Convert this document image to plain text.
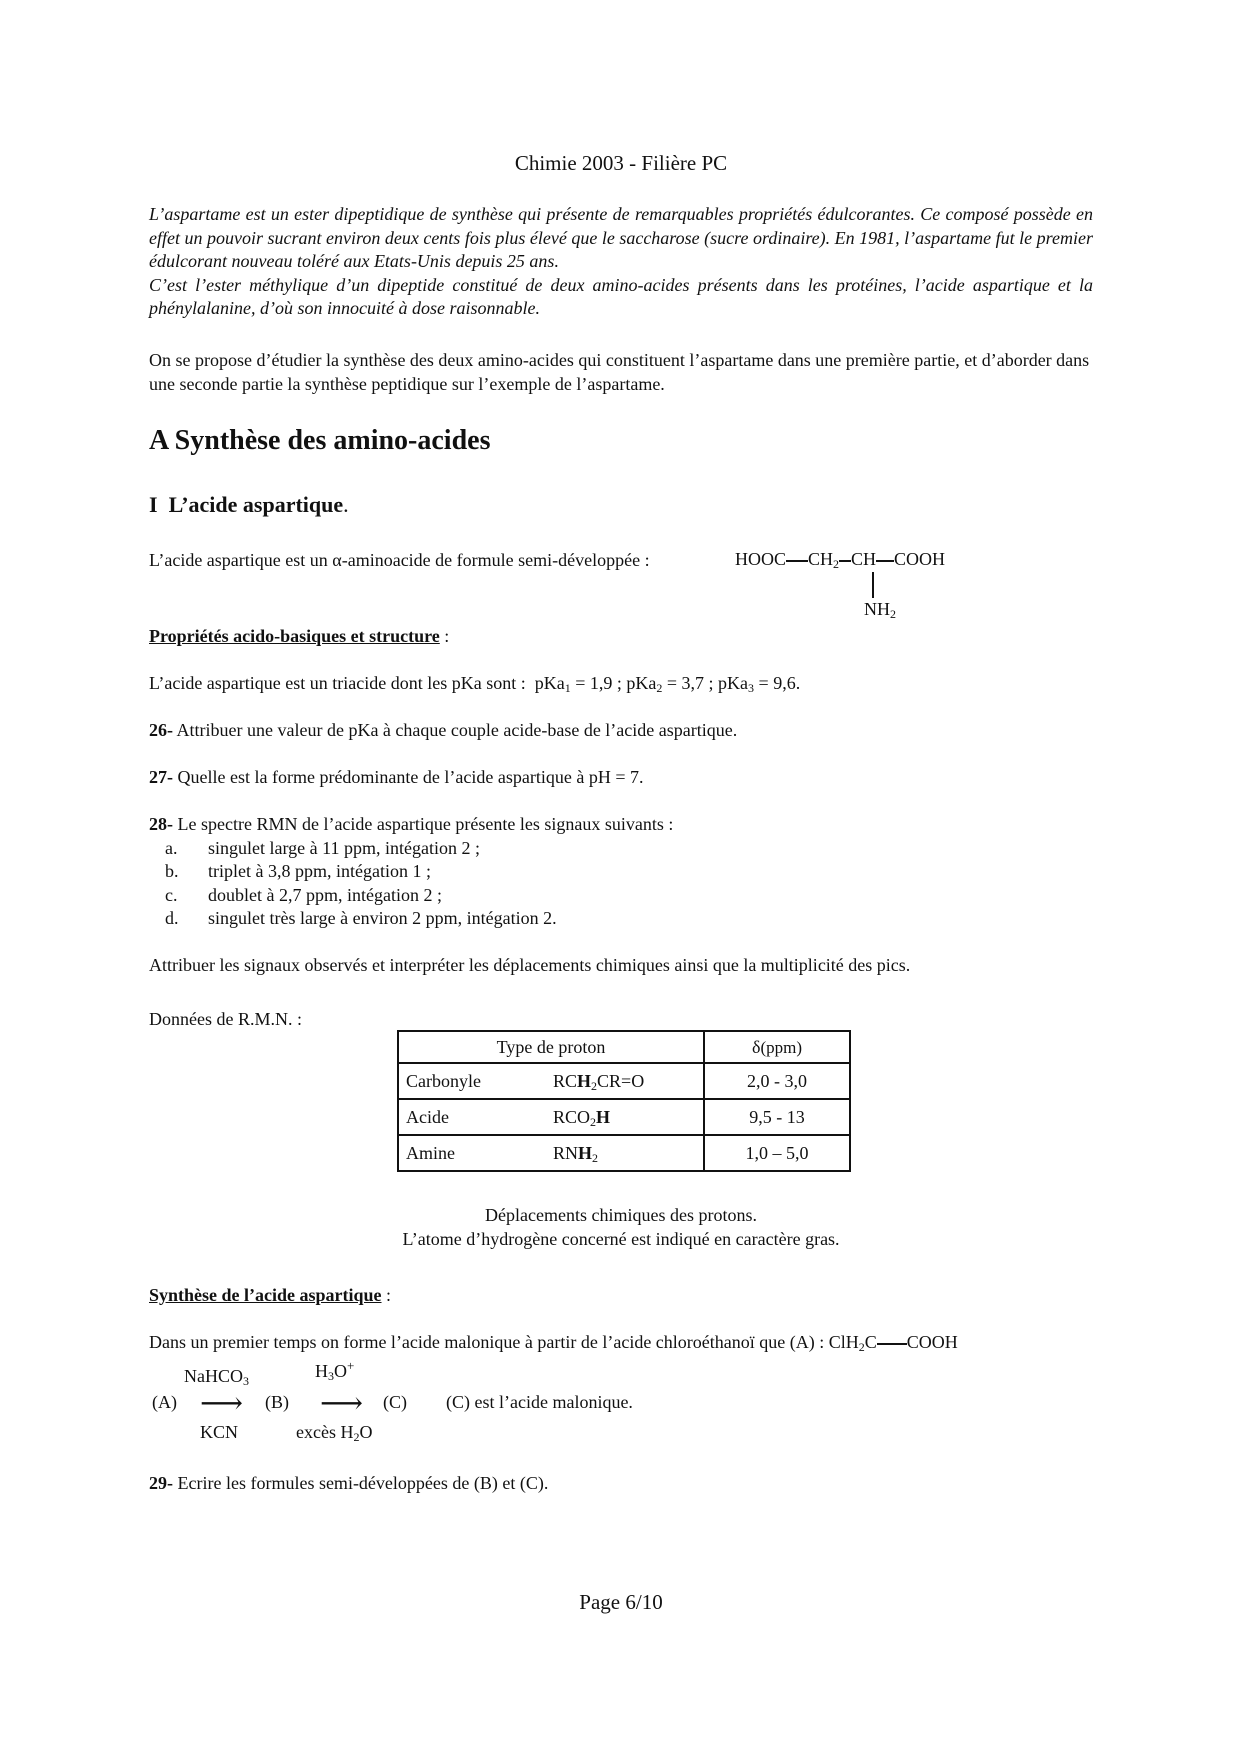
Chimie 2003 - Filière PC
L’aspartame est un ester dipeptidique de synthèse qui présente de remarquables propriétés édulcorantes. Ce composé possède en effet un pouvoir sucrant environ deux cents fois plus élevé que le saccharose (sucre ordinaire). En 1981, l’aspartame fut le premier édulcorant nouveau toléré aux Etats-Unis depuis 25 ans.
C’est l’ester méthylique d’un dipeptide constitué de deux amino-acides présents dans les protéines, l’acide aspartique et la phénylalanine, d’où son innocuité à dose raisonnable.
On se propose d’étudier la synthèse des deux amino-acides qui constituent l’aspartame dans une première partie, et d’aborder dans une seconde partie la synthèse peptidique sur l’exemple de l’aspartame.
A Synthèse des amino-acides
I L’acide aspartique.
L’acide aspartique est un α-aminoacide de formule semi-développée :	HOOC $CH_2$ CH COOH
$NH_2$
Propriétés acido-basiques et structure :
L’acide aspartique est un triacide dont les pKa sont : pKa$_1$ = 1,9 ; pKa$_2$ = 3,7 ; pKa$_3$ = 9,6.
26- Attribuer une valeur de pKa à chaque couple acide-base de l’acide aspartique.
27- Quelle est la forme prédominante de l’acide aspartique à pH = 7.
28- Le spectre RMN de l’acide aspartique présente les signaux suivants :
a. singulet large à 11 ppm, intégation 2 ;
b. triplet à 3,8 ppm, intégation 1 ;
c. doublet à 2,7 ppm, intégation 2 ;
d. singulet très large à environ 2 ppm, intégation 2.
Attribuer les signaux observés et interpréter les déplacements chimiques ainsi que la multiplicité des pics.
Données de R.M.N. :
Type de proton	δ(ppm)
Carbonyle $RCH_2CR=O$	2,0 - 3,0
Acide $RCO_2H$	9,5 - 13
Amine $RNH_2$	1,0 – 5,0
Déplacements chimiques des protons.
L’atome d’hydrogène concerné est indiqué en caractère gras.
Synthèse de l’acide aspartique :
Dans un premier temps on forme l’acide malonique à partir de l’acide chloroéthanoï que (A) : ClH$_2$C COOH
NaHCO$_3$	$H_3O^+$
(A) ⟶ (B) ⟶ (C) (C) est l’acide malonique.
KCN	excès $H_2O$
29- Ecrire les formules semi-développées de (B) et (C).
Page 6/10
